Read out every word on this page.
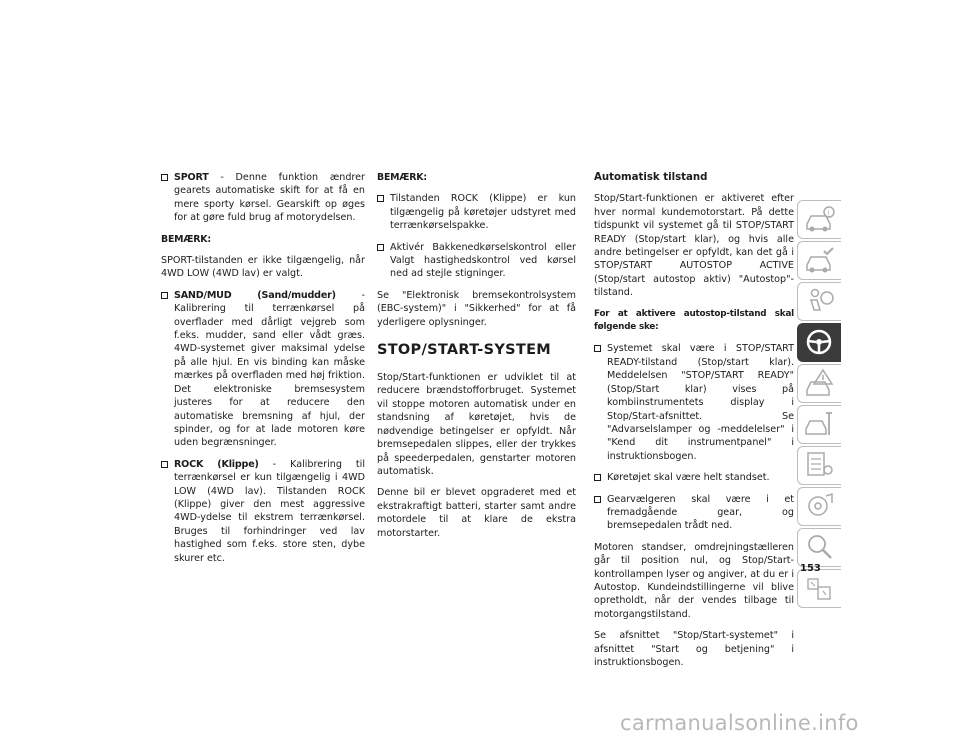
SPORT - Denne funktion ændrer gearets automatiske skift for at få en mere sporty kørsel. Gearskift op øges for at gøre fuld brug af motorydelsen.

BEMÆRK:

SPORT-tilstanden er ikke tilgængelig, når 4WD LOW (4WD lav) er valgt.

SAND/MUD (Sand/mudder) - Kalibrering til terrænkørsel på overflader med dårligt vejgreb som f.eks. mudder, sand eller vådt græs. 4WD-systemet giver maksimal ydelse på alle hjul. En vis binding kan måske mærkes på overfladen med høj friktion. Det elektroniske bremsesystem justeres for at reducere den automatiske bremsning af hjul, der spinder, og for at lade motoren køre uden begrænsninger.
ROCK (Klippe) - Kalibrering til terrænkørsel er kun tilgængelig i 4WD LOW (4WD lav). Tilstanden ROCK (Klippe) giver den mest aggressive 4WD-ydelse til ekstrem terrænkørsel. Bruges til forhindringer ved lav hastighed som f.eks. store sten, dybe skurer etc.

BEMÆRK:

Tilstanden ROCK (Klippe) er kun tilgængelig på køretøjer udstyret med terrænkørselspakke.
Aktivér Bakkenedkørselskontrol eller Valgt hastighedskontrol ved kørsel ned ad stejle stigninger.

Se "Elektronisk bremsekontrolsystem (EBC-system)" i "Sikkerhed" for at få yderligere oplysninger.

STOP/START-SYSTEM

Stop/Start-funktionen er udviklet til at reducere brændstofforbruget. Systemet vil stoppe motoren automatisk under en standsning af køretøjet, hvis de nødvendige betingelser er opfyldt. Når bremsepedalen slippes, eller der trykkes på speederpedalen, genstarter motoren automatisk.

Denne bil er blevet opgraderet med et ekstrakraftigt batteri, starter samt andre motordele til at klare de ekstra motorstarter.

Automatisk tilstand

Stop/Start-funktionen er aktiveret efter hver normal kundemotorstart. På dette tidspunkt vil systemet gå til STOP/START READY (Stop/start klar), og hvis alle andre betingelser er opfyldt, kan det gå i STOP/START AUTOSTOP ACTIVE (Stop/start autostop aktiv) "Autostop"-tilstand.

For at aktivere autostop-tilstand skal følgende ske:

Systemet skal være i STOP/START READY-tilstand (Stop/start klar). Meddelelsen "STOP/START READY" (Stop/Start klar) vises på kombiinstrumentets display i Stop/Start-afsnittet. Se "Advarselslamper og -meddelelser" i "Kend dit instrumentpanel" i instruktionsbogen.
Køretøjet skal være helt standset.
Gearvælgeren skal være i et fremadgående gear, og bremsepedalen trådt ned.

Motoren standser, omdrejningstælleren går til position nul, og Stop/Start-kontrollampen lyser og angiver, at du er i Autostop. Kundeindstillingerne vil blive opretholdt, når der vendes tilbage til motorgangstilstand.

Se afsnittet "Stop/Start-systemet" i afsnittet "Start og betjening" i instruktionsbogen.

i
153
carmanualsonline.info
